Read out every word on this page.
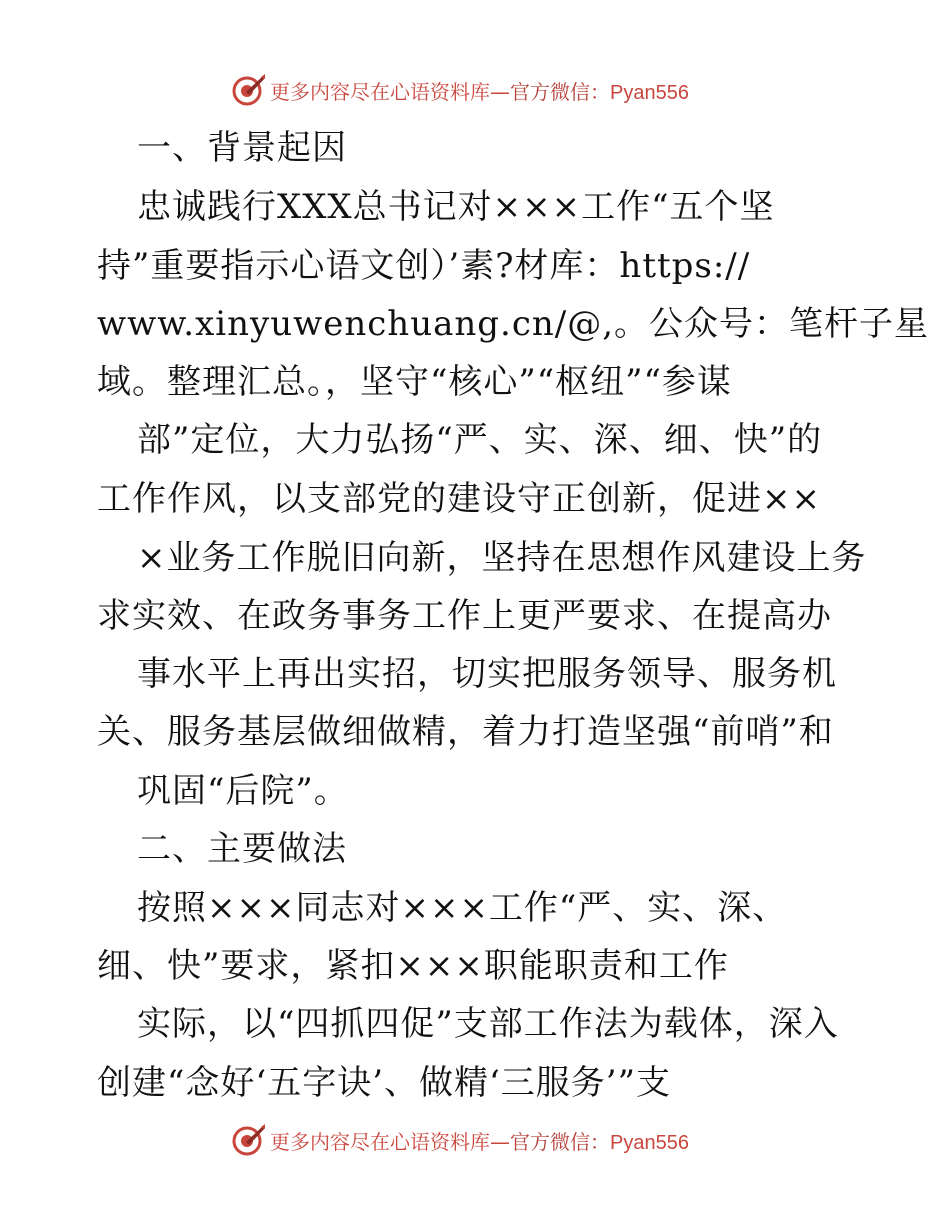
更多内容尽在心语资料库—官方微信：Pyan556
一、背景起因
忠诚践行XXX总书记对×××工作“五个坚
持”重要指示心语文创）’素?材库：https://
www.xinyuwenchuang.cn/@,。公众号：笔杆子星
域。整理汇总。，坚守“核心”“枢纽”“参谋
部”定位，大力弘扬“严、实、深、细、快”的
工作作风，以支部党的建设守正创新，促进××
×业务工作脱旧向新，坚持在思想作风建设上务
求实效、在政务事务工作上更严要求、在提高办
事水平上再出实招，切实把服务领导、服务机
关、服务基层做细做精，着力打造坚强“前哨”和
巩固“后院”。
二、主要做法
按照×××同志对×××工作“严、实、深、
细、快”要求，紧扣×××职能职责和工作
实际，以“四抓四促”支部工作法为载体，深入
创建“念好‘五字诀’、做精‘三服务’”支
更多内容尽在心语资料库—官方微信：Pyan556
